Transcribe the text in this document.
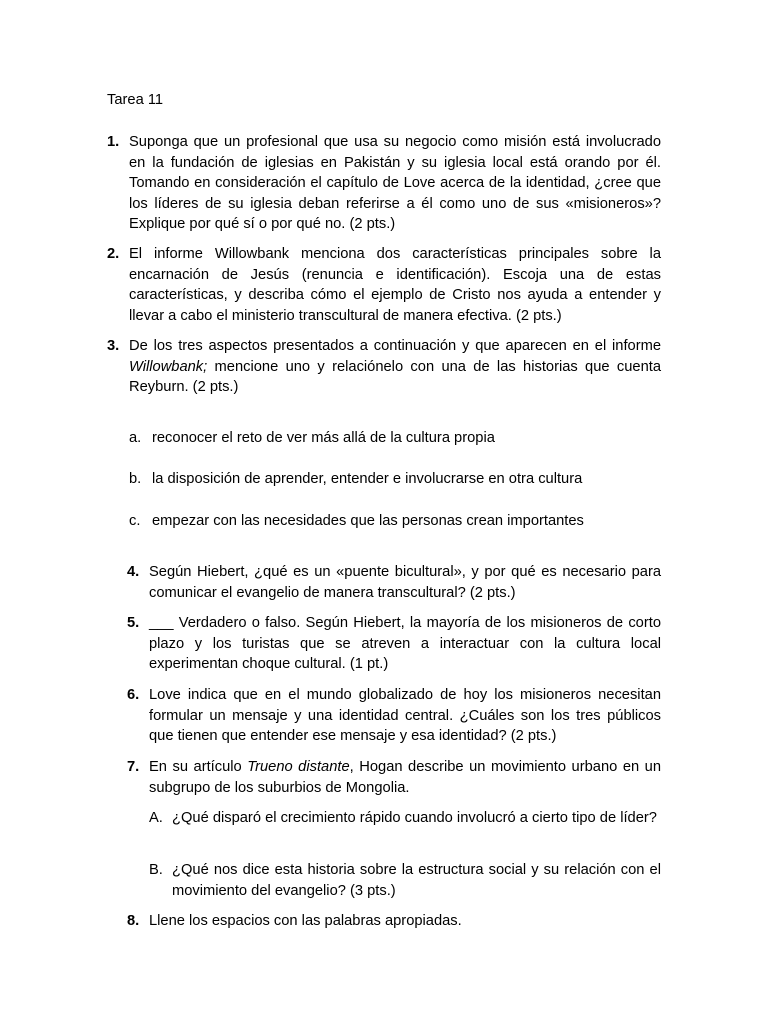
Tarea 11
1. Suponga que un profesional que usa su negocio como misión está involucrado en la fundación de iglesias en Pakistán y su iglesia local está orando por él. Tomando en consideración el capítulo de Love acerca de la identidad, ¿cree que los líderes de su iglesia deban referirse a él como uno de sus «misioneros»? Explique por qué sí o por qué no. (2 pts.)
2. El informe Willowbank menciona dos características principales sobre la encarnación de Jesús (renuncia e identificación). Escoja una de estas características, y describa cómo el ejemplo de Cristo nos ayuda a entender y llevar a cabo el ministerio transcultural de manera efectiva. (2 pts.)
3. De los tres aspectos presentados a continuación y que aparecen en el informe Willowbank; mencione uno y relaciónelo con una de las historias que cuenta Reyburn. (2 pts.)
a. reconocer el reto de ver más allá de la cultura propia
b. la disposición de aprender, entender e involucrarse en otra cultura
c. empezar con las necesidades que las personas crean importantes
4. Según Hiebert, ¿qué es un «puente bicultural», y por qué es necesario para comunicar el evangelio de manera transcultural? (2 pts.)
5. ___ Verdadero o falso. Según Hiebert, la mayoría de los misioneros de corto plazo y los turistas que se atreven a interactuar con la cultura local experimentan choque cultural. (1 pt.)
6. Love indica que en el mundo globalizado de hoy los misioneros necesitan formular un mensaje y una identidad central. ¿Cuáles son los tres públicos que tienen que entender ese mensaje y esa identidad? (2 pts.)
7. En su artículo Trueno distante, Hogan describe un movimiento urbano en un subgrupo de los suburbios de Mongolia.
A. ¿Qué disparó el crecimiento rápido cuando involucró a cierto tipo de líder?
B. ¿Qué nos dice esta historia sobre la estructura social y su relación con el movimiento del evangelio? (3 pts.)
8. Llene los espacios con las palabras apropiadas.
